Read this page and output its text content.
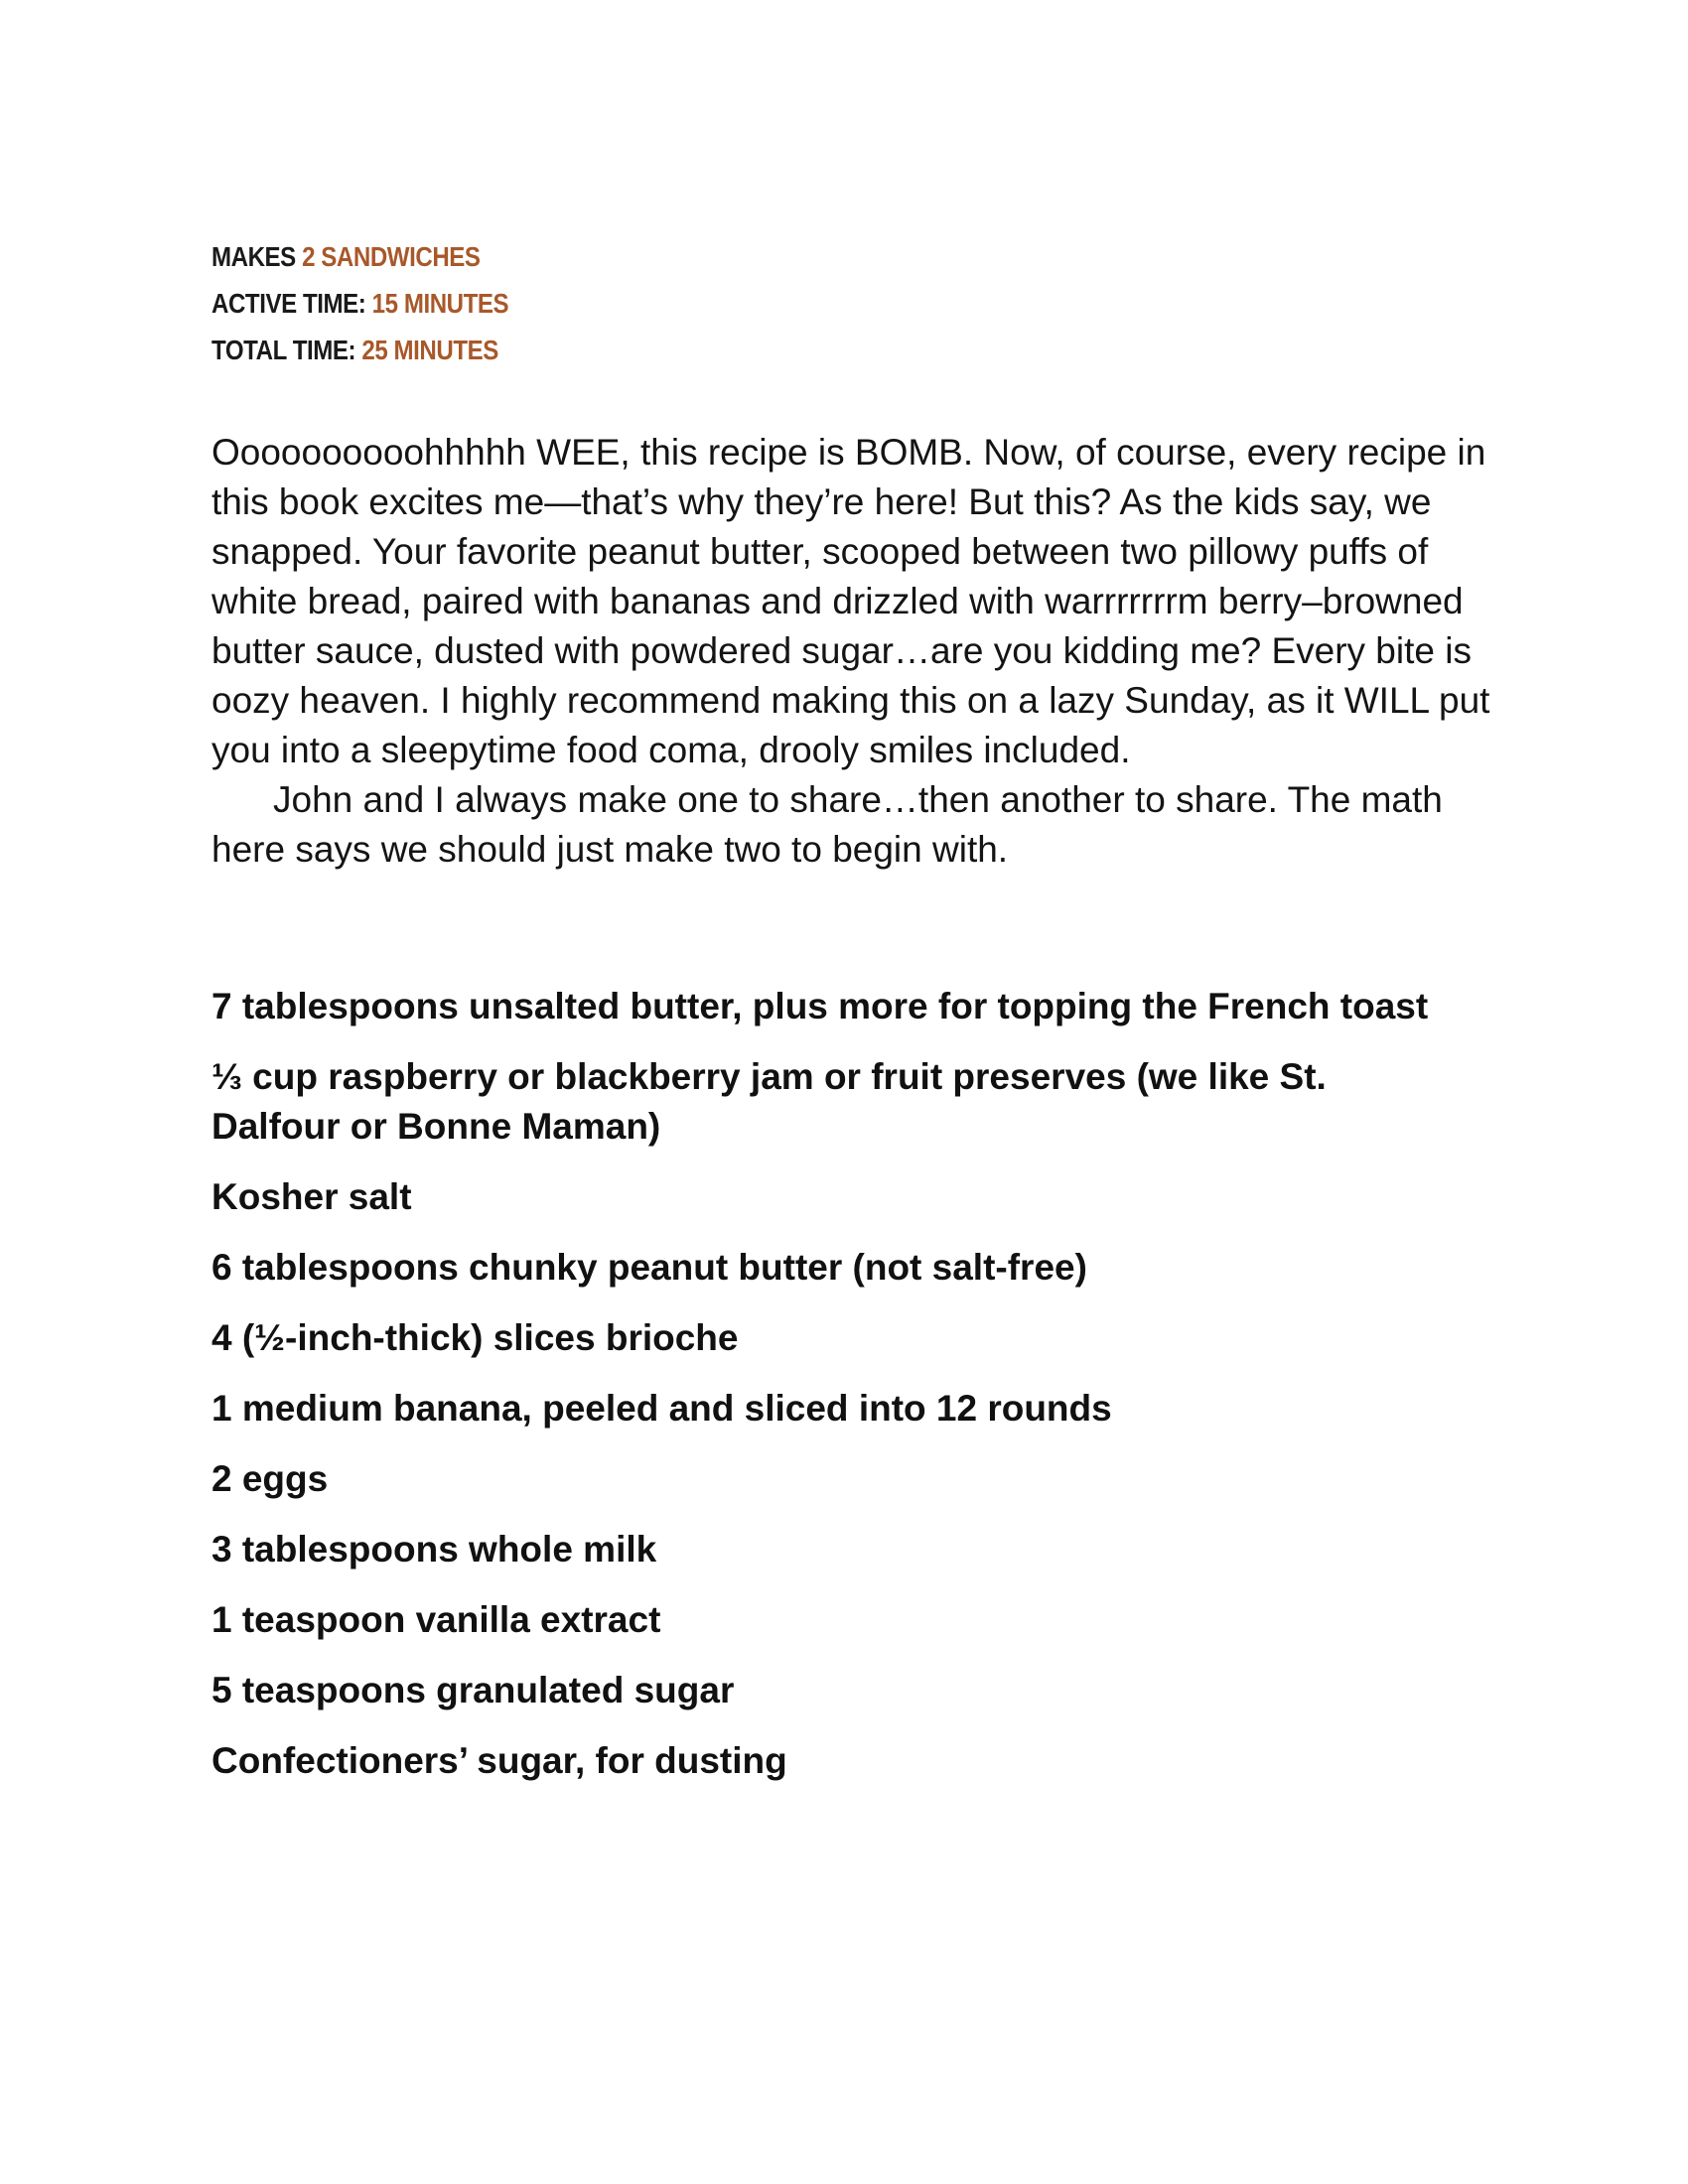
MAKES 2 SANDWICHES
ACTIVE TIME: 15 MINUTES
TOTAL TIME: 25 MINUTES

Oooooooooohhhhh WEE, this recipe is BOMB. Now, of course, every recipe in this book excites me—that’s why they’re here! But this? As the kids say, we snapped. Your favorite peanut butter, scooped between two pillowy puffs of white bread, paired with bananas and drizzled with warrrrrrrm berry–browned butter sauce, dusted with powdered sugar…are you kidding me? Every bite is oozy heaven. I highly recommend making this on a lazy Sunday, as it WILL put you into a sleepytime food coma, drooly smiles included.

John and I always make one to share…then another to share. The math here says we should just make two to begin with.

7 tablespoons unsalted butter, plus more for topping the French toast
⅓ cup raspberry or blackberry jam or fruit preserves (we like St. Dalfour or Bonne Maman)
Kosher salt
6 tablespoons chunky peanut butter (not salt-free)
4 (½-inch-thick) slices brioche
1 medium banana, peeled and sliced into 12 rounds
2 eggs
3 tablespoons whole milk
1 teaspoon vanilla extract
5 teaspoons granulated sugar
Confectioners’ sugar, for dusting
